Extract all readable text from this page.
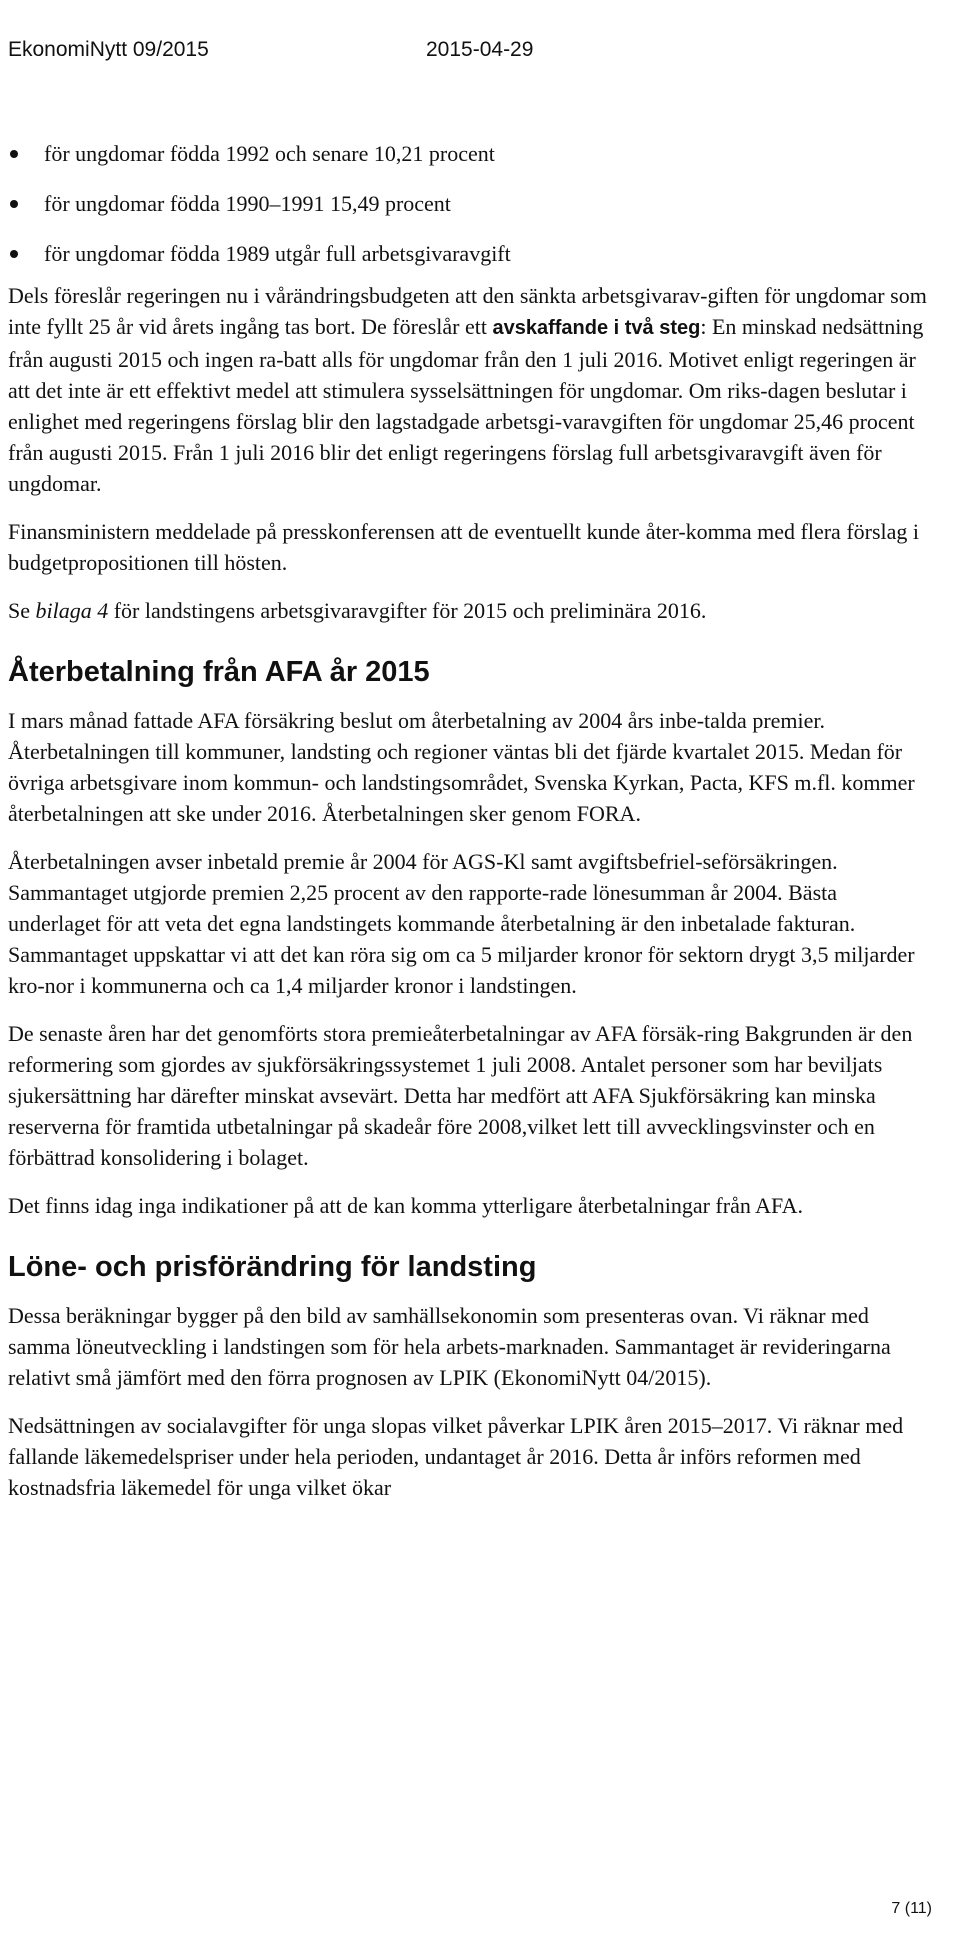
EkonomiNytt 09/2015	2015-04-29
för ungdomar födda 1992 och senare 10,21 procent
för ungdomar födda 1990–1991 15,49 procent
för ungdomar födda 1989 utgår full arbetsgivaravgift

Dels föreslår regeringen nu i vårändringsbudgeten att den sänkta arbetsgivarav-giften för ungdomar som inte fyllt 25 år vid årets ingång tas bort. De föreslår ett avskaffande i två steg: En minskad nedsättning från augusti 2015 och ingen ra-batt alls för ungdomar från den 1 juli 2016. Motivet enligt regeringen är att det inte är ett effektivt medel att stimulera sysselsättningen för ungdomar. Om riks-dagen beslutar i enlighet med regeringens förslag blir den lagstadgade arbetsgi-varavgiften för ungdomar 25,46 procent från augusti 2015. Från 1 juli 2016 blir det enligt regeringens förslag full arbetsgivaravgift även för ungdomar.

Finansministern meddelade på presskonferensen att de eventuellt kunde åter-komma med flera förslag i budgetpropositionen till hösten.

Se bilaga 4 för landstingens arbetsgivaravgifter för 2015 och preliminära 2016.

Återbetalning från AFA år 2015

I mars månad fattade AFA försäkring beslut om återbetalning av 2004 års inbe-talda premier. Återbetalningen till kommuner, landsting och regioner väntas bli det fjärde kvartalet 2015. Medan för övriga arbetsgivare inom kommun- och landstingsområdet, Svenska Kyrkan, Pacta, KFS m.fl. kommer återbetalningen att ske under 2016. Återbetalningen sker genom FORA.

Återbetalningen avser inbetald premie år 2004 för AGS-Kl samt avgiftsbefriel-seförsäkringen. Sammantaget utgjorde premien 2,25 procent av den rapporte-rade lönesumman år 2004. Bästa underlaget för att veta det egna landstingets kommande återbetalning är den inbetalade fakturan. Sammantaget uppskattar vi att det kan röra sig om ca 5 miljarder kronor för sektorn drygt 3,5 miljarder kro-nor i kommunerna och ca 1,4 miljarder kronor i landstingen.

De senaste åren har det genomförts stora premieåterbetalningar av AFA försäk-ring Bakgrunden är den reformering som gjordes av sjukförsäkringssystemet 1 juli 2008. Antalet personer som har beviljats sjukersättning har därefter minskat avsevärt. Detta har medfört att AFA Sjukförsäkring kan minska reserverna för framtida utbetalningar på skadeår före 2008,vilket lett till avvecklingsvinster och en förbättrad konsolidering i bolaget.

Det finns idag inga indikationer på att de kan komma ytterligare återbetalningar från AFA.

Löne- och prisförändring för landsting

Dessa beräkningar bygger på den bild av samhällsekonomin som presenteras ovan. Vi räknar med samma löneutveckling i landstingen som för hela arbets-marknaden. Sammantaget är revideringarna relativt små jämfört med den förra prognosen av LPIK (EkonomiNytt 04/2015).

Nedsättningen av socialavgifter för unga slopas vilket påverkar LPIK åren 2015–2017. Vi räknar med fallande läkemedelspriser under hela perioden, undantaget år 2016. Detta år införs reformen med kostnadsfria läkemedel för unga vilket ökar

7 (11)
